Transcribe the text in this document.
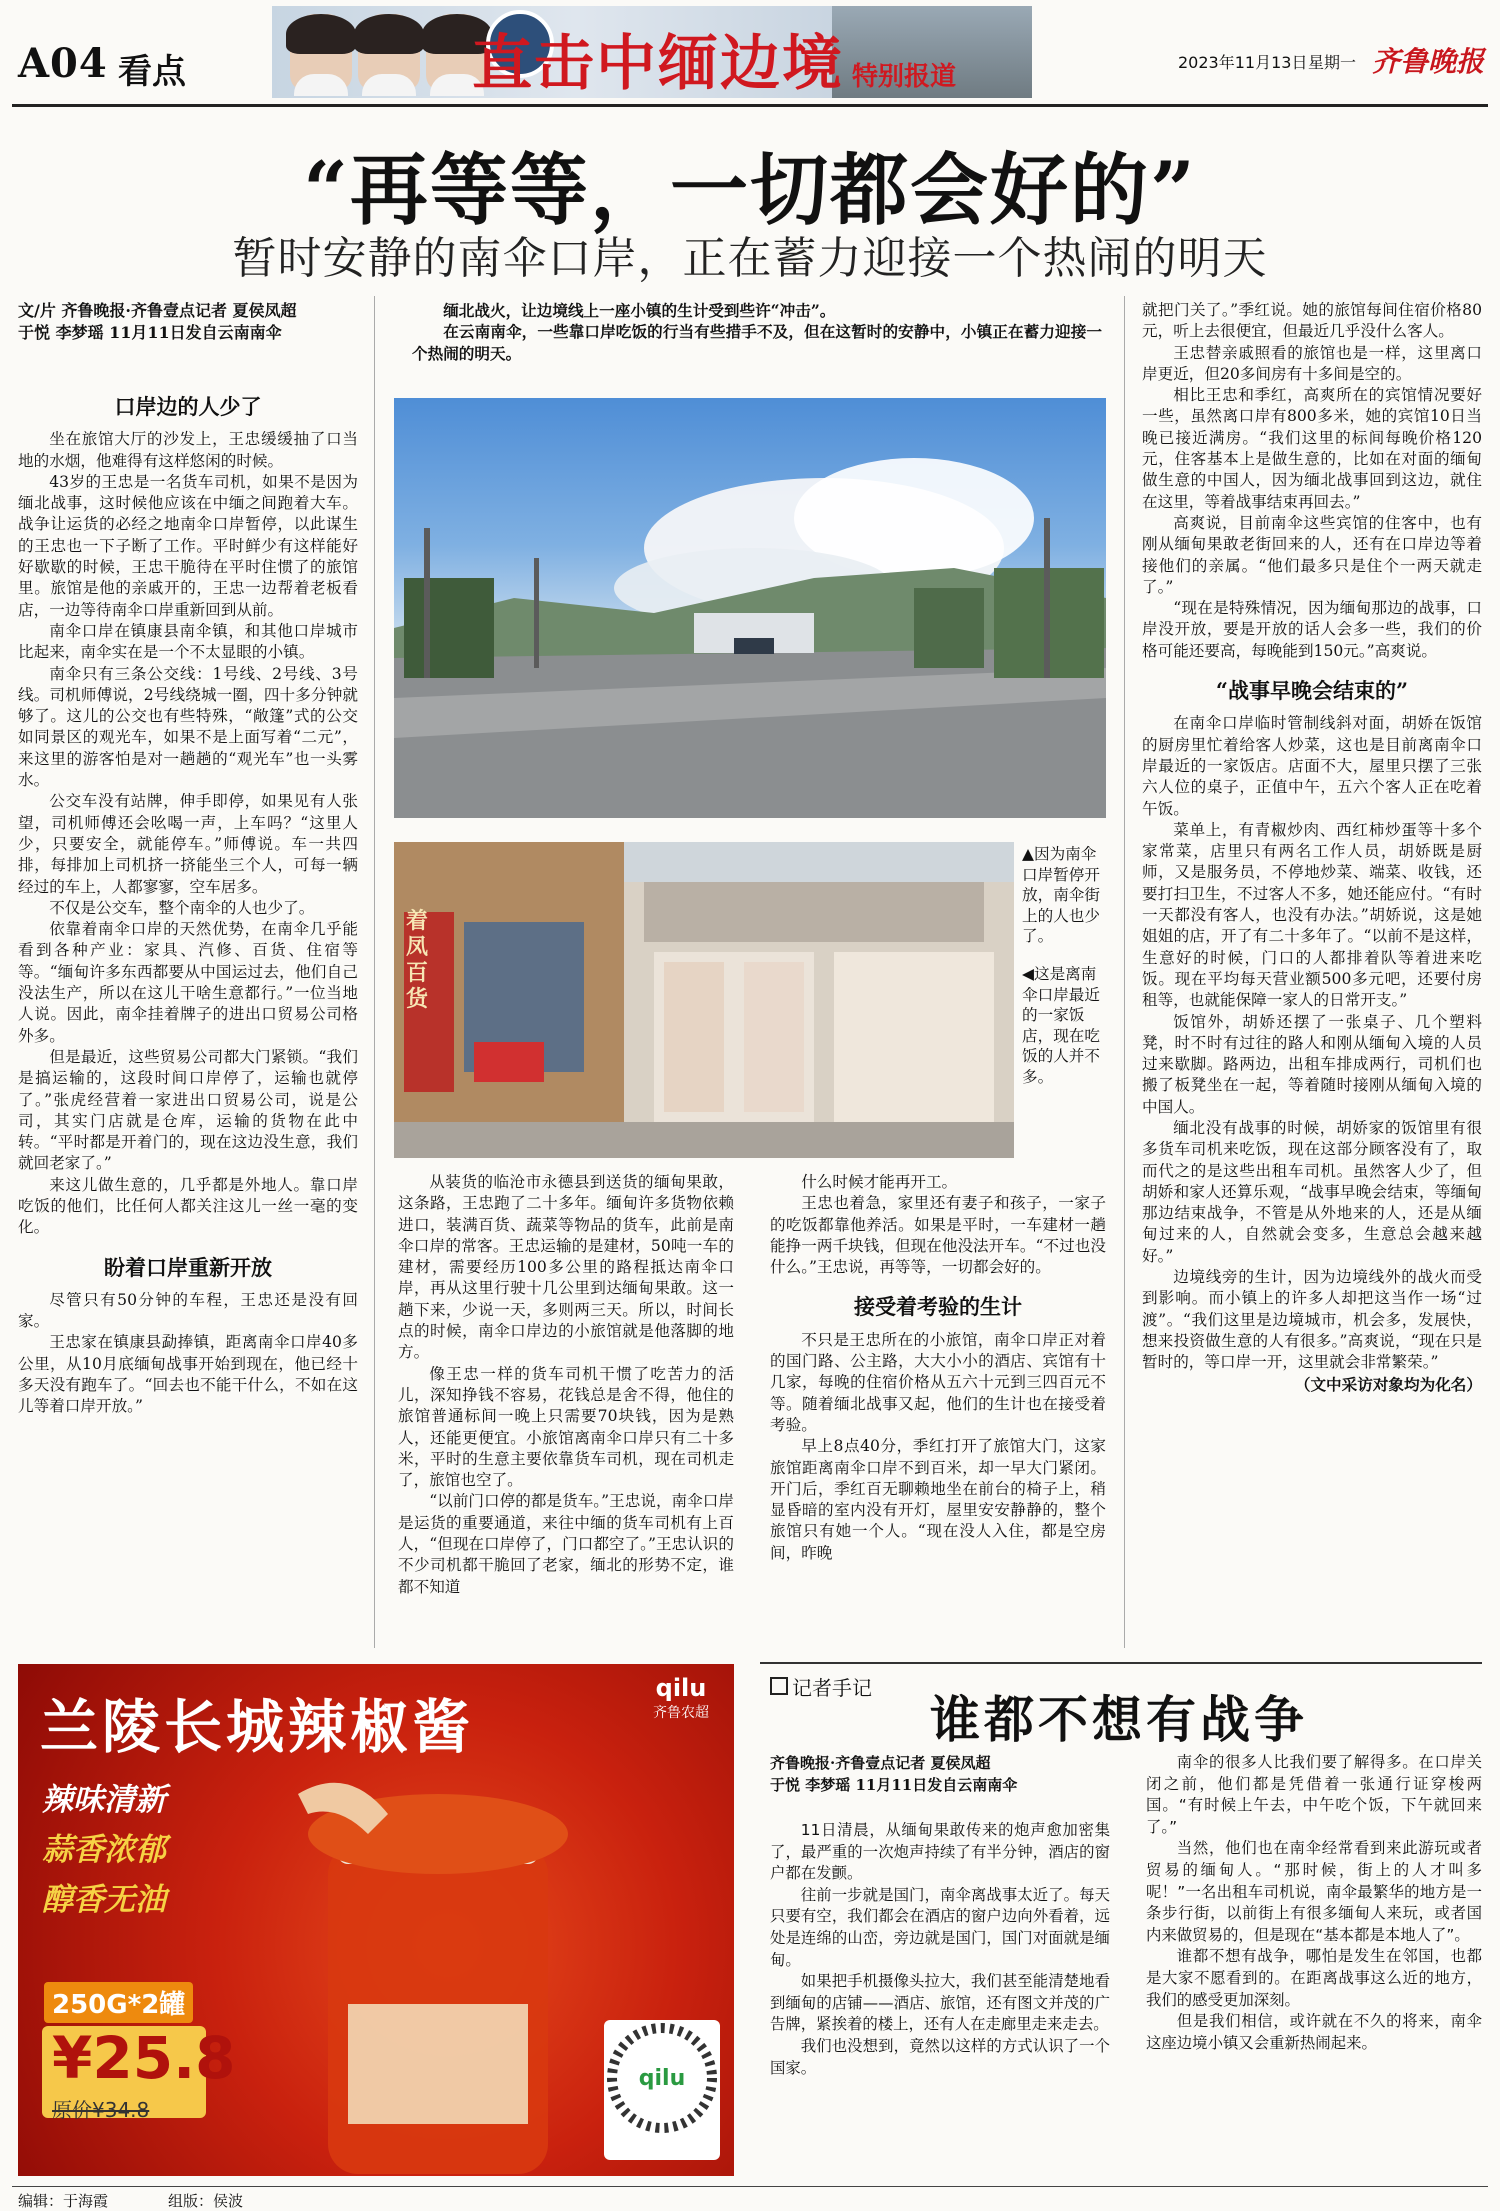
A04 看点	直击中缅边境 特别报道	2023年11月13日 星期一 齐鲁晚报
“再等等，一切都会好的”
暂时安静的南伞口岸，正在蓄力迎接一个热闹的明天
文/片 齐鲁晚报·齐鲁壹点记者 夏侯凤超
于悦 李梦瑶 11月11日发自云南南伞

缅北战火，让边境线上一座小镇的生计受到些许“冲击”。

在云南南伞，一些靠口岸吃饭的行当有些措手不及，但在这暂时的安静中，小镇正在蓄力迎接一个热闹的明天。

口岸边的人少了

坐在旅馆大厅的沙发上，王忠缓缓抽了口当地的水烟，他难得有这样悠闲的时候。

43岁的王忠是一名货车司机，如果不是因为缅北战事，这时候他应该在中缅之间跑着大车。战争让运货的必经之地南伞口岸暂停，以此谋生的王忠也一下子断了工作。平时鲜少有这样能好好歇歇的时候，王忠干脆待在平时住惯了的旅馆里。旅馆是他的亲戚开的，王忠一边帮着老板看店，一边等待南伞口岸重新回到从前。

南伞口岸在镇康县南伞镇，和其他口岸城市比起来，南伞实在是一个不太显眼的小镇。

南伞只有三条公交线：1号线、2号线、3号线。司机师傅说，2号线绕城一圈，四十多分钟就够了。这儿的公交也有些特殊，“敞篷”式的公交如同景区的观光车，如果不是上面写着“二元”，来这里的游客怕是对一趟趟的“观光车”也一头雾水。

公交车没有站牌，伸手即停，如果见有人张望，司机师傅还会吆喝一声，上车吗？“这里人少，只要安全，就能停车。”师傅说。车一共四排，每排加上司机挤一挤能坐三个人，可每一辆经过的车上，人都寥寥，空车居多。

不仅是公交车，整个南伞的人也少了。

依靠着南伞口岸的天然优势，在南伞几乎能看到各种产业：家具、汽修、百货、住宿等等。“缅甸许多东西都要从中国运过去，他们自己没法生产，所以在这儿干啥生意都行。”一位当地人说。因此，南伞挂着牌子的进出口贸易公司格外多。

但是最近，这些贸易公司都大门紧锁。“我们是搞运输的，这段时间口岸停了，运输也就停了。”张虎经营着一家进出口贸易公司，说是公司，其实门店就是仓库，运输的货物在此中转。“平时都是开着门的，现在这边没生意，我们就回老家了。”

来这儿做生意的，几乎都是外地人。靠口岸吃饭的他们，比任何人都关注这儿一丝一毫的变化。

盼着口岸重新开放

尽管只有50分钟的车程，王忠还是没有回家。

王忠家在镇康县勐捧镇，距离南伞口岸40多公里，从10月底缅甸战事开始到现在，他已经十多天没有跑车了。“回去也不能干什么，不如在这儿等着口岸开放。”

着凤百货
▲因为南伞口岸暂停开放，南伞街上的人也少了。
◀这是离南伞口岸最近的一家饭店，现在吃饭的人并不多。

从装货的临沧市永德县到送货的缅甸果敢，这条路，王忠跑了二十多年。缅甸许多货物依赖进口，装满百货、蔬菜等物品的货车，此前是南伞口岸的常客。王忠运输的是建材，50吨一车的建材，需要经历100多公里的路程抵达南伞口岸，再从这里行驶十几公里到达缅甸果敢。这一趟下来，少说一天，多则两三天。所以，时间长点的时候，南伞口岸边的小旅馆就是他落脚的地方。

像王忠一样的货车司机干惯了吃苦力的活儿，深知挣钱不容易，花钱总是舍不得，他住的旅馆普通标间一晚上只需要70块钱，因为是熟人，还能更便宜。小旅馆离南伞口岸只有二十多米，平时的生意主要依靠货车司机，现在司机走了，旅馆也空了。

“以前门口停的都是货车。”王忠说，南伞口岸是运货的重要通道，来往中缅的货车司机有上百人，“但现在口岸停了，门口都空了。”王忠认识的不少司机都干脆回了老家，缅北的形势不定，谁都不知道

什么时候才能再开工。

王忠也着急，家里还有妻子和孩子，一家子的吃饭都靠他养活。如果是平时，一车建材一趟能挣一两千块钱，但现在他没法开车。“不过也没什么。”王忠说，再等等，一切都会好的。

接受着考验的生计

不只是王忠所在的小旅馆，南伞口岸正对着的国门路、公主路，大大小小的酒店、宾馆有十几家，每晚的住宿价格从五六十元到三四百元不等。随着缅北战事又起，他们的生计也在接受着考验。

早上8点40分，季红打开了旅馆大门，这家旅馆距离南伞口岸不到百米，却一早大门紧闭。开门后，季红百无聊赖地坐在前台的椅子上，稍显昏暗的室内没有开灯，屋里安安静静的，整个旅馆只有她一个人。“现在没人入住，都是空房间，昨晚

就把门关了。”季红说。她的旅馆每间住宿价格80元，听上去很便宜，但最近几乎没什么客人。

王忠替亲戚照看的旅馆也是一样，这里离口岸更近，但20多间房有十多间是空的。

相比王忠和季红，高爽所在的宾馆情况要好一些，虽然离口岸有800多米，她的宾馆10日当晚已接近满房。“我们这里的标间每晚价格120元，住客基本上是做生意的，比如在对面的缅甸做生意的中国人，因为缅北战事回到这边，就住在这里，等着战事结束再回去。”

高爽说，目前南伞这些宾馆的住客中，也有刚从缅甸果敢老街回来的人，还有在口岸边等着接他们的亲属。“他们最多只是住个一两天就走了。”

“现在是特殊情况，因为缅甸那边的战事，口岸没开放，要是开放的话人会多一些，我们的价格可能还要高，每晚能到150元。”高爽说。

“战事早晚会结束的”

在南伞口岸临时管制线斜对面，胡娇在饭馆的厨房里忙着给客人炒菜，这也是目前离南伞口岸最近的一家饭店。店面不大，屋里只摆了三张六人位的桌子，正值中午，五六个客人正在吃着午饭。

菜单上，有青椒炒肉、西红柿炒蛋等十多个家常菜，店里只有两名工作人员，胡娇既是厨师，又是服务员，不停地炒菜、端菜、收钱，还要打扫卫生，不过客人不多，她还能应付。“有时一天都没有客人，也没有办法。”胡娇说，这是她姐姐的店，开了有二十多年了。“以前不是这样，生意好的时候，门口的人都排着队等着进来吃饭。现在平均每天营业额500多元吧，还要付房租等，也就能保障一家人的日常开支。”

饭馆外，胡娇还摆了一张桌子、几个塑料凳，时不时有过往的路人和刚从缅甸入境的人员过来歇脚。路两边，出租车排成两行，司机们也搬了板凳坐在一起，等着随时接刚从缅甸入境的中国人。

缅北没有战事的时候，胡娇家的饭馆里有很多货车司机来吃饭，现在这部分顾客没有了，取而代之的是这些出租车司机。虽然客人少了，但胡娇和家人还算乐观，“战事早晚会结束，等缅甸那边结束战争，不管是从外地来的人，还是从缅甸过来的人，自然就会变多，生意总会越来越好。”

边境线旁的生计，因为边境线外的战火而受到影响。而小镇上的许多人却把这当作一场“过渡”。“我们这里是边境城市，机会多，发展快，想来投资做生意的人有很多。”高爽说，“现在只是暂时的，等口岸一开，这里就会非常繁荣。”

（文中采访对象均为化名）
兰陵长城辣椒酱
辣味清新
蒜香浓郁
醇香无油
250G*2罐
¥25.8
原价¥34.8
qilu
齐鲁农超
qilu
记者手记
谁都不想有战争
齐鲁晚报·齐鲁壹点记者 夏侯凤超
于悦 李梦瑶 11月11日发自云南南伞

11日清晨，从缅甸果敢传来的炮声愈加密集了，最严重的一次炮声持续了有半分钟，酒店的窗户都在发颤。

往前一步就是国门，南伞离战事太近了。每天只要有空，我们都会在酒店的窗户边向外看着，远处是连绵的山峦，旁边就是国门，国门对面就是缅甸。

如果把手机摄像头拉大，我们甚至能清楚地看到缅甸的店铺——酒店、旅馆，还有图文并茂的广告牌，紧挨着的楼上，还有人在走廊里走来走去。

我们也没想到，竟然以这样的方式认识了一个国家。

南伞的很多人比我们要了解得多。在口岸关闭之前，他们都是凭借着一张通行证穿梭两国。“有时候上午去，中午吃个饭，下午就回来了。”

当然，他们也在南伞经常看到来此游玩或者贸易的缅甸人。“那时候，街上的人才叫多呢！”一名出租车司机说，南伞最繁华的地方是一条步行街，以前街上有很多缅甸人来玩，或者国内来做贸易的，但是现在“基本都是本地人了”。

谁都不想有战争，哪怕是发生在邻国，也都是大家不愿看到的。在距离战事这么近的地方，我们的感受更加深刻。

但是我们相信，或许就在不久的将来，南伞这座边境小镇又会重新热闹起来。

编辑：于海霞	组版：侯波
